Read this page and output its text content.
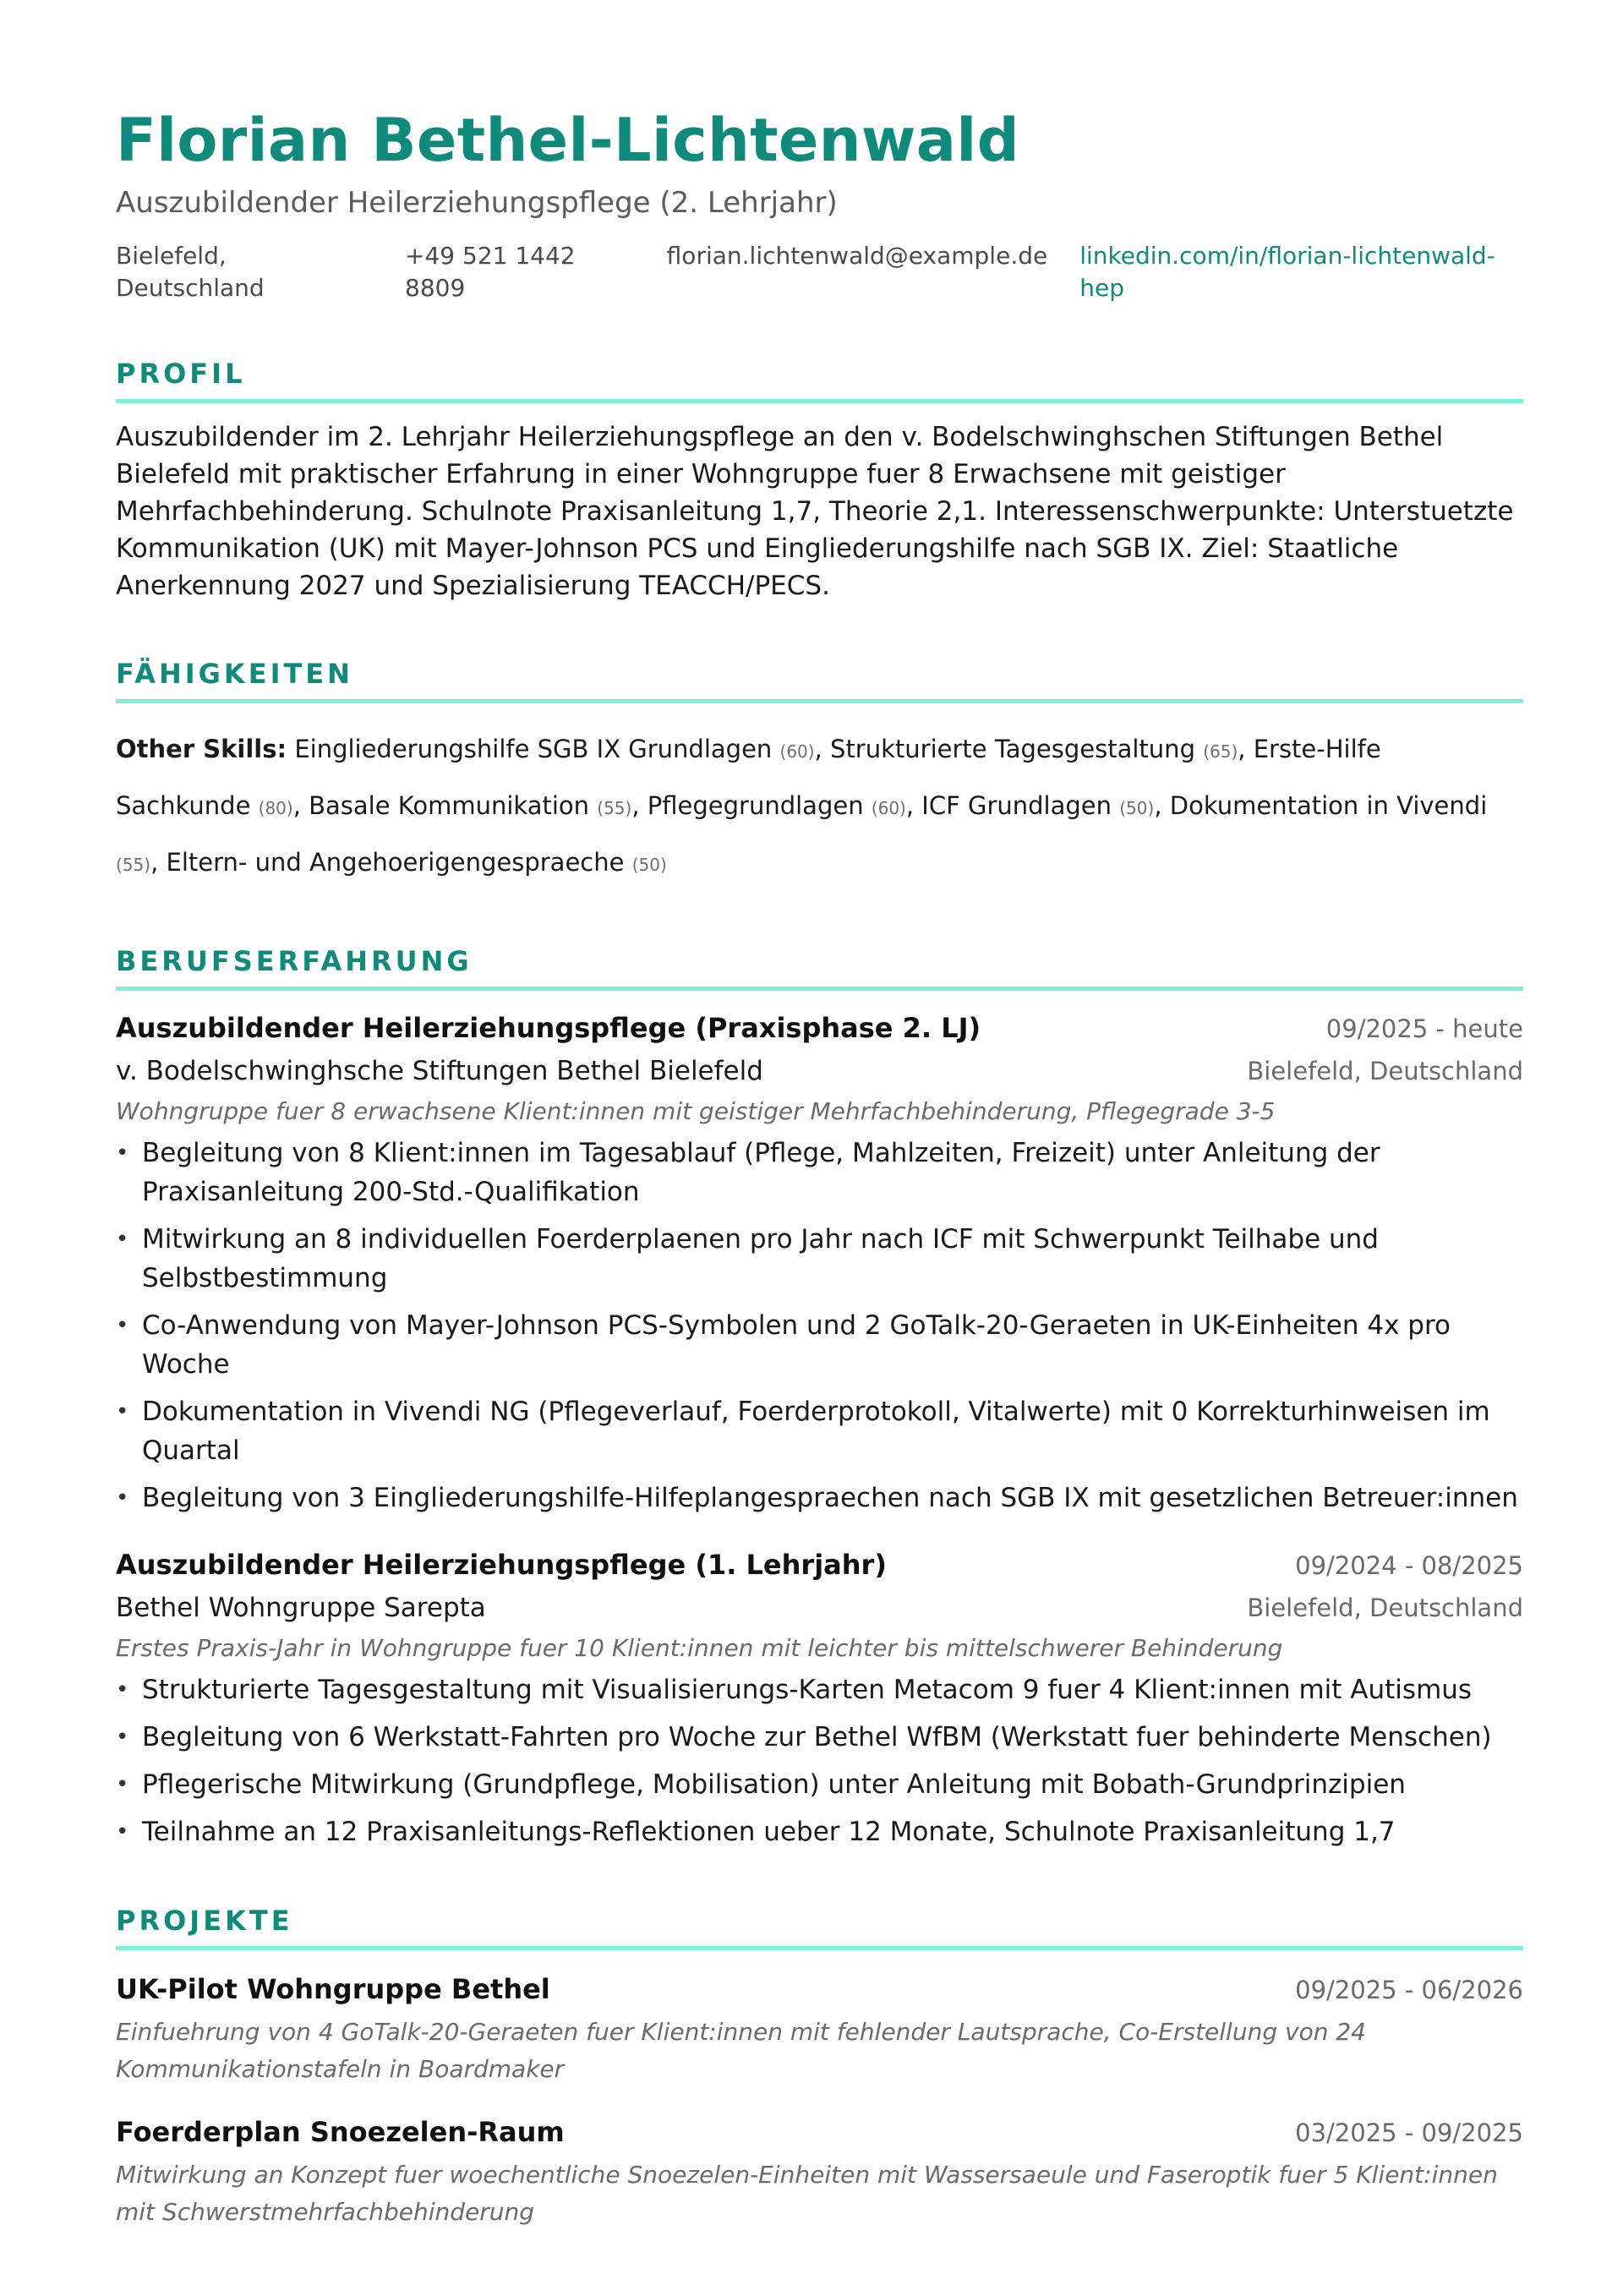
Florian Bethel-Lichtenwald
Auszubildender Heilerziehungspflege (2. Lehrjahr)
Bielefeld, Deutschland
+49 521 1442 8809
florian.lichtenwald@example.de linkedin.com/in/florian-lichtenwald-hep
PROFIL
Auszubildender im 2. Lehrjahr Heilerziehungspflege an den v. Bodelschwinghschen Stiftungen Bethel Bielefeld mit praktischer Erfahrung in einer Wohngruppe fuer 8 Erwachsene mit geistiger Mehrfachbehinderung. Schulnote Praxisanleitung 1,7, Theorie 2,1. Interessenschwerpunkte: Unterstuetzte Kommunikation (UK) mit Mayer-Johnson PCS und Eingliederungshilfe nach SGB IX. Ziel: Staatliche Anerkennung 2027 und Spezialisierung TEACCH/PECS.
FÄHIGKEITEN
Other Skills: Eingliederungshilfe SGB IX Grundlagen (60), Strukturierte Tagesgestaltung (65), Erste-Hilfe Sachkunde (80), Basale Kommunikation (55), Pflegegrundlagen (60), ICF Grundlagen (50), Dokumentation in Vivendi (55), Eltern- und Angehoerigengespraeche (50)
BERUFSERFAHRUNG
Auszubildender Heilerziehungspflege (Praxisphase 2. LJ)	09/2025 - heute
v. Bodelschwinghsche Stiftungen Bethel Bielefeld	Bielefeld, Deutschland
Wohngruppe fuer 8 erwachsene Klient:innen mit geistiger Mehrfachbehinderung, Pflegegrade 3-5
• Begleitung von 8 Klient:innen im Tagesablauf (Pflege, Mahlzeiten, Freizeit) unter Anleitung der Praxisanleitung 200-Std.-Qualifikation
• Mitwirkung an 8 individuellen Foerderplaenen pro Jahr nach ICF mit Schwerpunkt Teilhabe und Selbstbestimmung
• Co-Anwendung von Mayer-Johnson PCS-Symbolen und 2 GoTalk-20-Geraeten in UK-Einheiten 4x pro Woche
• Dokumentation in Vivendi NG (Pflegeverlauf, Foerderprotokoll, Vitalwerte) mit 0 Korrekturhinweisen im Quartal
• Begleitung von 3 Eingliederungshilfe-Hilfeplangespraechen nach SGB IX mit gesetzlichen Betreuer:innen
Auszubildender Heilerziehungspflege (1. Lehrjahr)	09/2024 - 08/2025
Bethel Wohngruppe Sarepta	Bielefeld, Deutschland
Erstes Praxis-Jahr in Wohngruppe fuer 10 Klient:innen mit leichter bis mittelschwerer Behinderung
• Strukturierte Tagesgestaltung mit Visualisierungs-Karten Metacom 9 fuer 4 Klient:innen mit Autismus
• Begleitung von 6 Werkstatt-Fahrten pro Woche zur Bethel WfBM (Werkstatt fuer behinderte Menschen)
• Pflegerische Mitwirkung (Grundpflege, Mobilisation) unter Anleitung mit Bobath-Grundprinzipien
• Teilnahme an 12 Praxisanleitungs-Reflektionen ueber 12 Monate, Schulnote Praxisanleitung 1,7
PROJEKTE
UK-Pilot Wohngruppe Bethel	09/2025 - 06/2026
Einfuehrung von 4 GoTalk-20-Geraeten fuer Klient:innen mit fehlender Lautsprache, Co-Erstellung von 24 Kommunikationstafeln in Boardmaker
Foerderplan Snoezelen-Raum	03/2025 - 09/2025
Mitwirkung an Konzept fuer woechentliche Snoezelen-Einheiten mit Wassersaeule und Faseroptik fuer 5 Klient:innen mit Schwerstmehrfachbehinderung
